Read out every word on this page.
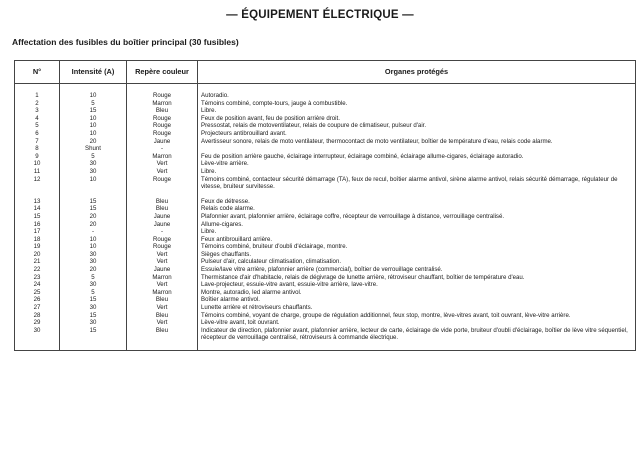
— ÉQUIPEMENT ÉLECTRIQUE —
Affectation des fusibles du boîtier principal (30 fusibles)
N°	Intensité (A)	Repère couleur	Organes protégés
1	10	Rouge	Autoradio.
2	5	Marron	Témoins combiné, compte-tours, jauge à combustible.
3	15	Bleu	Libre.
4	10	Rouge	Feux de position avant, feu de position arrière droit.
5	10	Rouge	Pressostat, relais de motoventilateur, relais de coupure de climatiseur, pulseur d'air.
6	10	Rouge	Projecteurs antibrouillard avant.
7	20	Jaune	Avertisseur sonore, relais de moto ventilateur, thermocontact de moto ventilateur, boîtier de température d'eau, relais code alarme.
8	Shunt	-	
9	5	Marron	Feu de position arrière gauche, éclairage interrupteur, éclairage combiné, éclairage allume-cigares, éclairage autoradio.
10	30	Vert	Lève-vitre arrière.
11	30	Vert	Libre.
12	10	Rouge	Témoins combiné, contacteur sécurité démarrage (TA), feux de recul, boîtier alarme antivol, sirène alarme antivol, relais sécurité démarrage, régulateur de vitesse, bruiteur survitesse.
13	15	Bleu	Feux de détresse.
14	15	Bleu	Relais code alarme.
15	20	Jaune	Plafonnier avant, plafonnier arrière, éclairage coffre, récepteur de verrouillage à distance, verrouillage centralisé.
16	20	Jaune	Allume-cigares.
17	-	-	Libre.
18	10	Rouge	Feux antibrouillard arrière.
19	10	Rouge	Témoins combiné, bruiteur d'oubli d'éclairage, montre.
20	30	Vert	Sièges chauffants.
21	30	Vert	Pulseur d'air, calculateur climatisation, climatisation.
22	20	Jaune	Essuie/lave vitre arrière, plafonnier arrière (commercial), boîtier de verrouillage centralisé.
23	5	Marron	Thermistance d'air d'habitacle, relais de dégivrage de lunette arrière, rétroviseur chauffant, boîtier de température d'eau.
24	30	Vert	Lave-projecteur, essuie-vitre avant, essuie-vitre arrière, lave-vitre.
25	5	Marron	Montre, autoradio, led alarme antivol.
26	15	Bleu	Boîtier alarme antivol.
27	30	Vert	Lunette arrière et rétroviseurs chauffants.
28	15	Bleu	Témoins combiné, voyant de charge, groupe de régulation additionnel, feux stop, montre, lève-vitres avant, toit ouvrant, lève-vitre arrière.
29	30	Vert	Lève-vitre avant, toit ouvrant.
30	15	Bleu	Indicateur de direction, plafonnier avant, plafonnier arrière, lecteur de carte, éclairage de vide porte, bruiteur d'oubli d'éclairage, boîtier de lève vitre séquentiel, récepteur de verrouillage centralisé, rétroviseurs à commande électrique.
